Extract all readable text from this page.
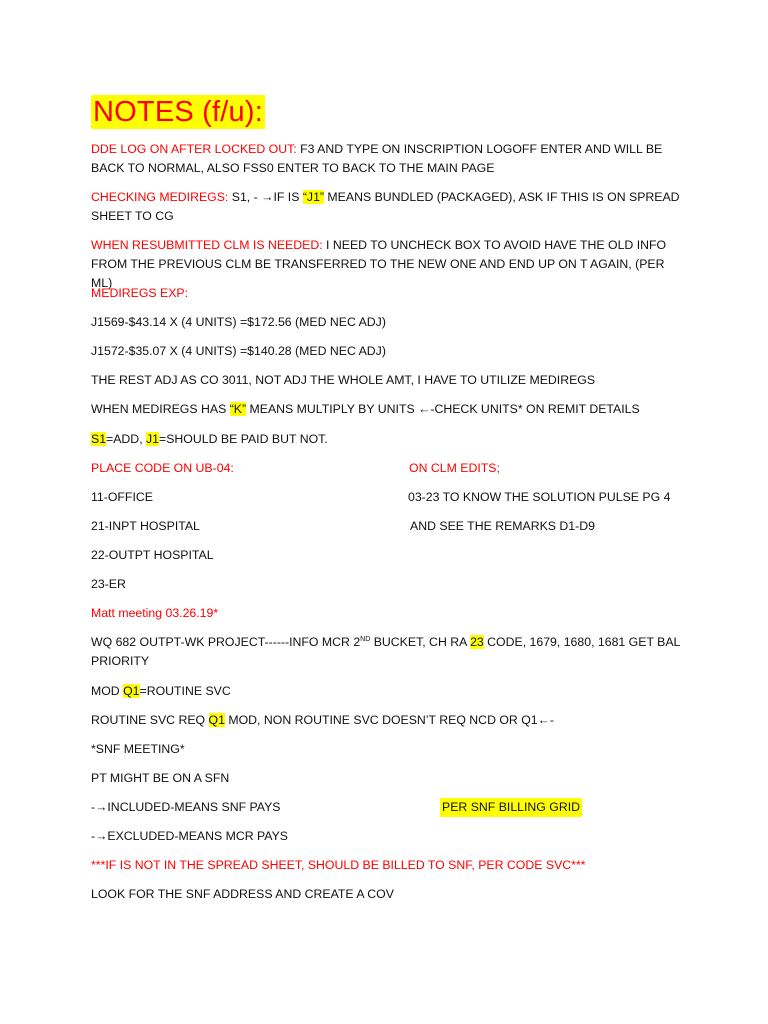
NOTES (f/u):
DDE LOG ON AFTER LOCKED OUT: F3 AND TYPE ON INSCRIPTION LOGOFF ENTER AND WILL BE BACK TO NORMAL, ALSO FSS0 ENTER TO BACK TO THE MAIN PAGE
CHECKING MEDIREGS: S1, - →IF IS “J1” MEANS BUNDLED (PACKAGED), ASK IF THIS IS ON SPREAD SHEET TO CG
WHEN RESUBMITTED CLM IS NEEDED: I NEED TO UNCHECK BOX TO AVOID HAVE THE OLD INFO FROM THE PREVIOUS CLM BE TRANSFERRED TO THE NEW ONE AND END UP ON T AGAIN, (PER ML)
MEDIREGS EXP:
J1569-$43.14 X (4 UNITS) =$172.56 (MED NEC ADJ)
J1572-$35.07 X (4 UNITS) =$140.28 (MED NEC ADJ)
THE REST ADJ AS CO 3011, NOT ADJ THE WHOLE AMT, I HAVE TO UTILIZE MEDIREGS
WHEN MEDIREGS HAS “K” MEANS MULTIPLY BY UNITS ←-CHECK UNITS* ON REMIT DETAILS
S1=ADD, J1=SHOULD BE PAID BUT NOT.
PLACE CODE ON UB-04:	ON CLM EDITS;
11-OFFICE	03-23 TO KNOW THE SOLUTION PULSE PG 4
21-INPT HOSPITAL	AND SEE THE REMARKS D1-D9
22-OUTPT HOSPITAL
23-ER
Matt meeting 03.26.19*
WQ 682 OUTPT-WK PROJECT------INFO MCR 2ND BUCKET, CH RA 23 CODE, 1679, 1680, 1681 GET BAL PRIORITY
MOD Q1=ROUTINE SVC
ROUTINE SVC REQ Q1 MOD, NON ROUTINE SVC DOESN’T REQ NCD OR Q1←-
*SNF MEETING*
PT MIGHT BE ON A SFN
-→INCLUDED-MEANS SNF PAYS	PER SNF BILLING GRID
-→EXCLUDED-MEANS MCR PAYS
***IF IS NOT IN THE SPREAD SHEET, SHOULD BE BILLED TO SNF, PER CODE SVC***
LOOK FOR THE SNF ADDRESS AND CREATE A COV
